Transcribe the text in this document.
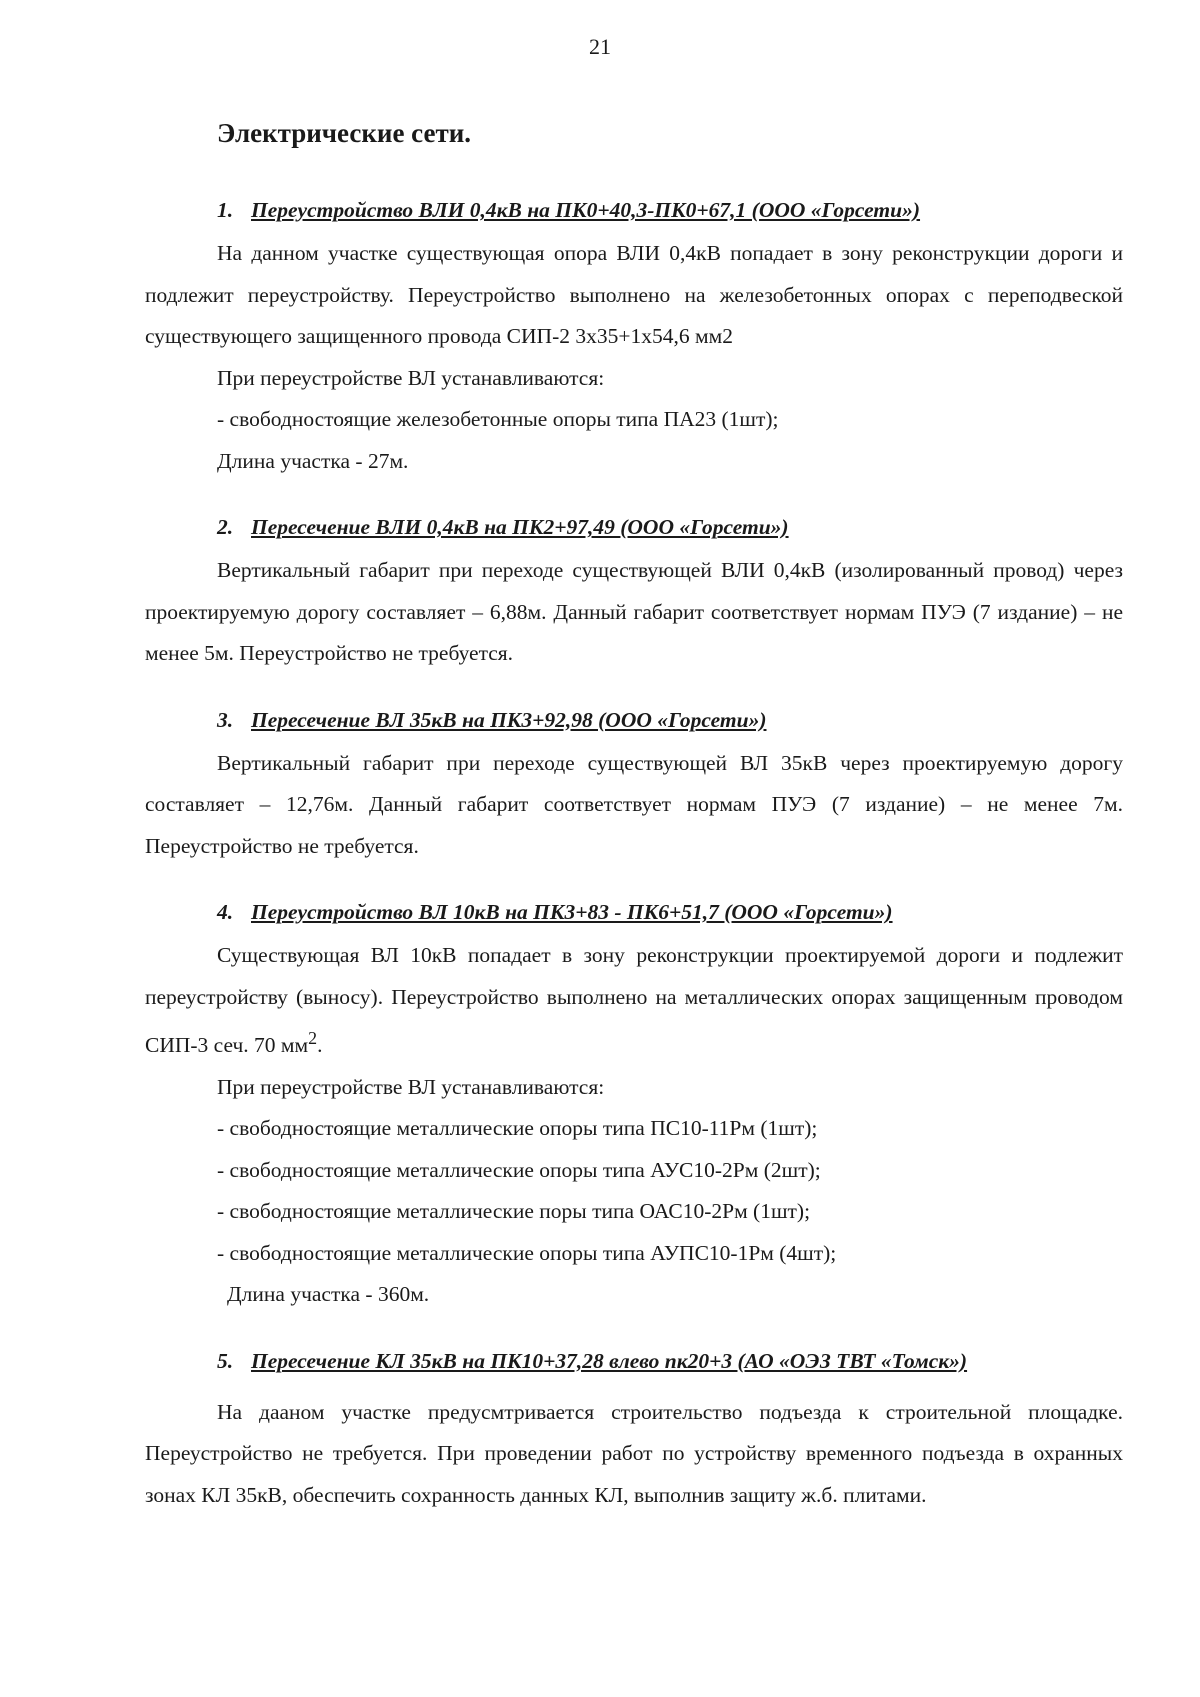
21
Электрические сети.

1. Переустройство ВЛИ 0,4кВ на ПК0+40,3-ПК0+67,1 (ООО «Горсети»)

На данном участке существующая опора ВЛИ 0,4кВ попадает в зону реконструкции дороги и подлежит переустройству. Переустройство выполнено на железобетонных опорах с переподвеской существующего защищенного провода СИП-2 3х35+1х54,6 мм2

При переустройстве ВЛ устанавливаются:

- свободностоящие железобетонные опоры типа ПА23 (1шт);

Длина участка - 27м.

2. Пересечение ВЛИ 0,4кВ на ПК2+97,49 (ООО «Горсети»)

Вертикальный габарит при переходе существующей ВЛИ 0,4кВ (изолированный провод) через проектируемую дорогу составляет – 6,88м. Данный габарит соответствует нормам ПУЭ (7 издание) – не менее 5м. Переустройство не требуется.

3. Пересечение ВЛ 35кВ на ПК3+92,98 (ООО «Горсети»)

Вертикальный габарит при переходе существующей ВЛ 35кВ через проектируемую дорогу составляет – 12,76м. Данный габарит соответствует нормам ПУЭ (7 издание) – не менее 7м. Переустройство не требуется.

4. Переустройство ВЛ 10кВ на ПК3+83 - ПК6+51,7 (ООО «Горсети»)

Существующая ВЛ 10кВ попадает в зону реконструкции проектируемой дороги и подлежит переустройству (выносу). Переустройство выполнено на металлических опорах защищенным проводом СИП-3 сеч. 70 $мм^2$.

При переустройстве ВЛ устанавливаются:

- свободностоящие металлические опоры типа ПС10-11Рм (1шт);

- свободностоящие металлические опоры типа АУС10-2Рм (2шт);

- свободностоящие металлические поры типа ОАС10-2Рм (1шт);

- свободностоящие металлические опоры типа АУПС10-1Рм (4шт);

Длина участка - 360м.

5. Пересечение КЛ 35кВ на ПК10+37,28 влево пк20+3 (АО «ОЭЗ ТВТ «Томск»)

На дааном участке предусмтривается строительство подъезда к строительной площадке. Переустройство не требуется. При проведении работ по устройству временного подъезда в охранных зонах КЛ 35кВ, обеспечить сохранность данных КЛ, выполнив защиту ж.б. плитами.
